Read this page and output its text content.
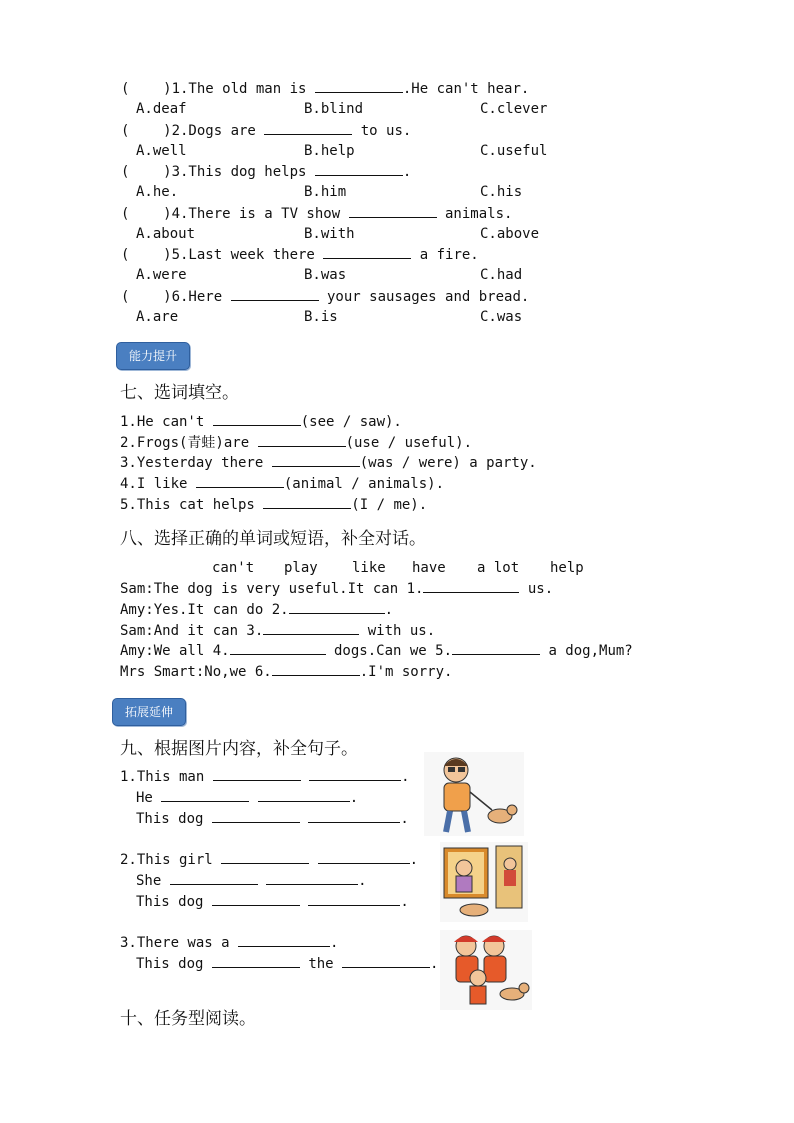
(    )1.The old man is	.He can't hear.
A.deaf	B.blind	C.clever
(    )2.Dogs are	to us.
A.well	B.help	C.useful
(    )3.This dog helps	.
A.he.	B.him	C.his
(    )4.There is a TV show	animals.
A.about	B.with	C.above
(    )5.Last week there	a fire.
A.were	B.was	C.had
(    )6.Here	your sausages and bread.
A.are	B.is	C.was
能力提升
七、选词填空。
1.He can't	(see / saw).
2.Frogs(青蛙)are	(use / useful).
3.Yesterday there	(was / were) a party.
4.I like	(animal / animals).
5.This cat helps	(I / me).
八、选择正确的单词或短语，补全对话。
can't play like have a lot help
Sam:The dog is very useful.It can 1.	us.
Amy:Yes.It can do 2.	.
Sam:And it can 3.	with us.
Amy:We all 4.	dogs.Can we 5.	a dog,Mum?
Mrs Smart:No,we 6.	.I'm sorry.
拓展延伸
九、根据图片内容，补全句子。
1.This man	.
He	.
This dog	.
2.This girl	.
She	.
This dog	.
3.There was a	.
This dog	the	.
十、任务型阅读。
